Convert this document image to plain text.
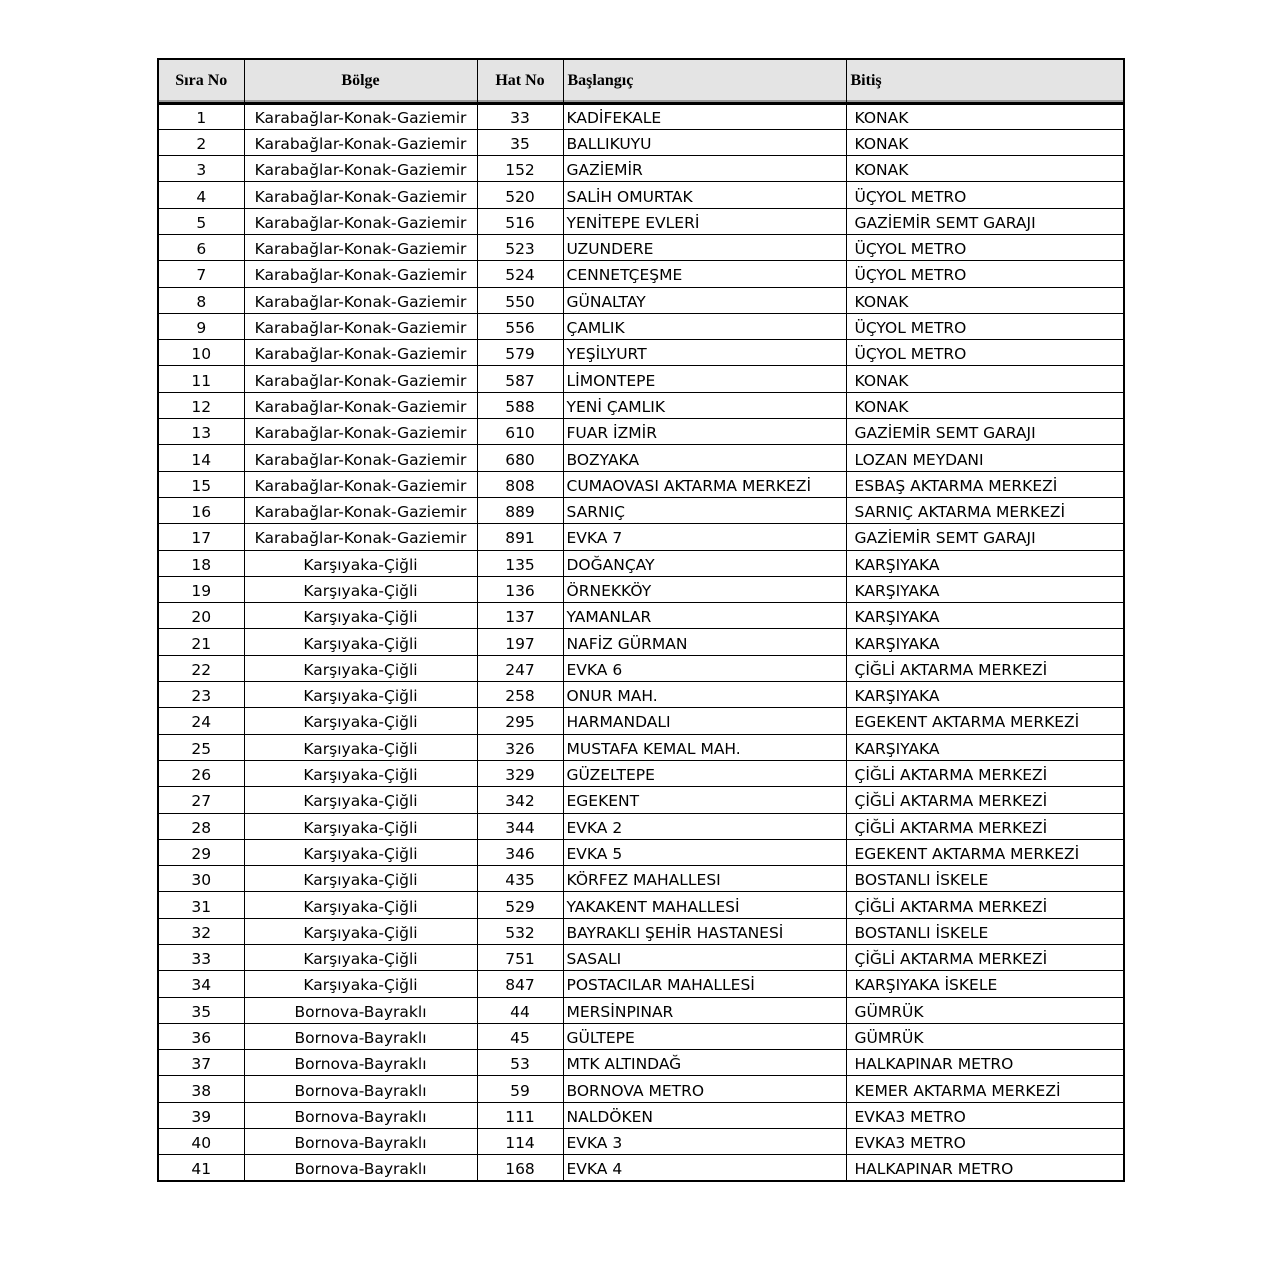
Sıra No	Bölge	Hat No	Başlangıç	Bitiş
1	Karabağlar-Konak-Gaziemir	33	KADİFEKALE	KONAK
2	Karabağlar-Konak-Gaziemir	35	BALLIKUYU	KONAK
3	Karabağlar-Konak-Gaziemir	152	GAZİEMİR	KONAK
4	Karabağlar-Konak-Gaziemir	520	SALİH OMURTAK	ÜÇYOL METRO
5	Karabağlar-Konak-Gaziemir	516	YENİTEPE EVLERİ	GAZİEMİR SEMT GARAJI
6	Karabağlar-Konak-Gaziemir	523	UZUNDERE	ÜÇYOL METRO
7	Karabağlar-Konak-Gaziemir	524	CENNETÇEŞME	ÜÇYOL METRO
8	Karabağlar-Konak-Gaziemir	550	GÜNALTAY	KONAK
9	Karabağlar-Konak-Gaziemir	556	ÇAMLIK	ÜÇYOL METRO
10	Karabağlar-Konak-Gaziemir	579	YEŞİLYURT	ÜÇYOL METRO
11	Karabağlar-Konak-Gaziemir	587	LİMONTEPE	KONAK
12	Karabağlar-Konak-Gaziemir	588	YENİ ÇAMLIK	KONAK
13	Karabağlar-Konak-Gaziemir	610	FUAR İZMİR	GAZİEMİR SEMT GARAJI
14	Karabağlar-Konak-Gaziemir	680	BOZYAKA	LOZAN MEYDANI
15	Karabağlar-Konak-Gaziemir	808	CUMAOVASI AKTARMA MERKEZİ	ESBAŞ AKTARMA MERKEZİ
16	Karabağlar-Konak-Gaziemir	889	SARNIÇ	SARNIÇ AKTARMA MERKEZİ
17	Karabağlar-Konak-Gaziemir	891	EVKA 7	GAZİEMİR SEMT GARAJI
18	Karşıyaka-Çiğli	135	DOĞANÇAY	KARŞIYAKA
19	Karşıyaka-Çiğli	136	ÖRNEKKÖY	KARŞIYAKA
20	Karşıyaka-Çiğli	137	YAMANLAR	KARŞIYAKA
21	Karşıyaka-Çiğli	197	NAFİZ GÜRMAN	KARŞIYAKA
22	Karşıyaka-Çiğli	247	EVKA 6	ÇİĞLİ AKTARMA MERKEZİ
23	Karşıyaka-Çiğli	258	ONUR MAH.	KARŞIYAKA
24	Karşıyaka-Çiğli	295	HARMANDALI	EGEKENT AKTARMA MERKEZİ
25	Karşıyaka-Çiğli	326	MUSTAFA KEMAL MAH.	KARŞIYAKA
26	Karşıyaka-Çiğli	329	GÜZELTEPE	ÇİĞLİ AKTARMA MERKEZİ
27	Karşıyaka-Çiğli	342	EGEKENT	ÇİĞLİ AKTARMA MERKEZİ
28	Karşıyaka-Çiğli	344	EVKA 2	ÇİĞLİ AKTARMA MERKEZİ
29	Karşıyaka-Çiğli	346	EVKA 5	EGEKENT AKTARMA MERKEZİ
30	Karşıyaka-Çiğli	435	KÖRFEZ MAHALLESI	BOSTANLI İSKELE
31	Karşıyaka-Çiğli	529	YAKAKENT MAHALLESİ	ÇİĞLİ AKTARMA MERKEZİ
32	Karşıyaka-Çiğli	532	BAYRAKLI ŞEHİR HASTANESİ	BOSTANLI İSKELE
33	Karşıyaka-Çiğli	751	SASALI	ÇİĞLİ AKTARMA MERKEZİ
34	Karşıyaka-Çiğli	847	POSTACILAR MAHALLESİ	KARŞIYAKA İSKELE
35	Bornova-Bayraklı	44	MERSİNPINAR	GÜMRÜK
36	Bornova-Bayraklı	45	GÜLTEPE	GÜMRÜK
37	Bornova-Bayraklı	53	MTK ALTINDAĞ	HALKAPINAR METRO
38	Bornova-Bayraklı	59	BORNOVA METRO	KEMER AKTARMA MERKEZİ
39	Bornova-Bayraklı	111	NALDÖKEN	EVKA3 METRO
40	Bornova-Bayraklı	114	EVKA 3	EVKA3 METRO
41	Bornova-Bayraklı	168	EVKA 4	HALKAPINAR METRO
